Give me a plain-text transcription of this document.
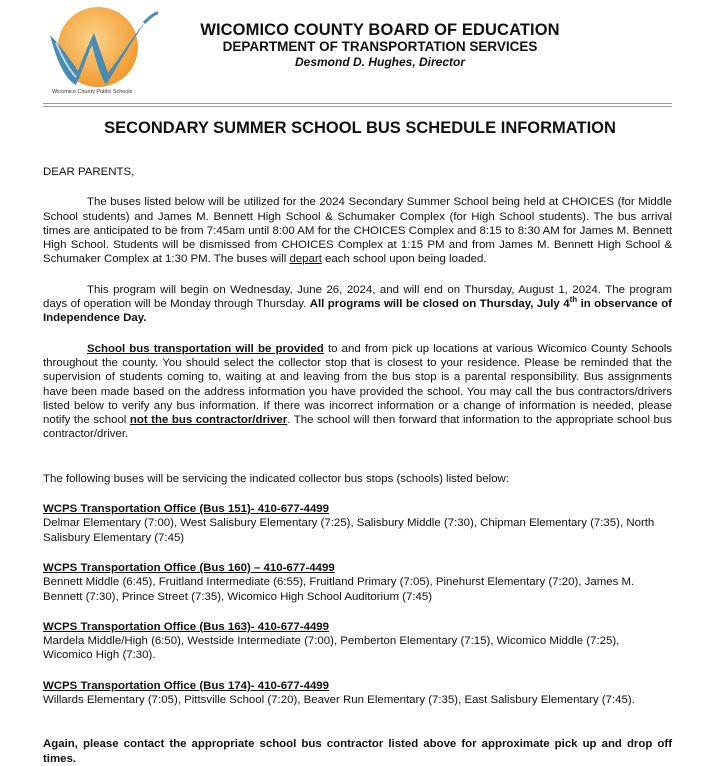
Wicomico County Public Schools
WICOMICO COUNTY BOARD OF EDUCATION
DEPARTMENT OF TRANSPORTATION SERVICES
Desmond D. Hughes, Director
SECONDARY SUMMER SCHOOL BUS SCHEDULE INFORMATION

DEAR PARENTS,

The buses listed below will be utilized for the 2024 Secondary Summer School being held at CHOICES (for Middle School students) and James M. Bennett High School & Schumaker Complex (for High School students). The bus arrival times are anticipated to be from 7:45am until 8:00 AM for the CHOICES Complex and 8:15 to 8:30 AM for James M. Bennett High School. Students will be dismissed from CHOICES Complex at 1:15 PM and from James M. Bennett High School & Schumaker Complex at 1:30 PM. The buses will depart each school upon being loaded.

This program will begin on Wednesday, June 26, 2024, and will end on Thursday, August 1, 2024. The program days of operation will be Monday through Thursday. All programs will be closed on Thursday, July 4th in observance of Independence Day.

School bus transportation will be provided to and from pick up locations at various Wicomico County Schools throughout the county. You should select the collector stop that is closest to your residence. Please be reminded that the supervision of students coming to, waiting at and leaving from the bus stop is a parental responsibility. Bus assignments have been made based on the address information you have provided the school. You may call the bus contractors/drivers listed below to verify any bus information. If there was incorrect information or a change of information is needed, please notify the school not the bus contractor/driver. The school will then forward that information to the appropriate school bus contractor/driver.

The following buses will be servicing the indicated collector bus stops (schools) listed below:

WCPS Transportation Office (Bus 151)- 410-677-4499

Delmar Elementary (7:00), West Salisbury Elementary (7:25), Salisbury Middle (7:30), Chipman Elementary (7:35), North Salisbury Elementary (7:45)

WCPS Transportation Office (Bus 160) – 410-677-4499

Bennett Middle (6:45), Fruitland Intermediate (6:55), Fruitland Primary (7:05), Pinehurst Elementary (7:20), James M. Bennett (7:30), Prince Street (7:35), Wicomico High School Auditorium (7:45)

WCPS Transportation Office (Bus 163)- 410-677-4499

Mardela Middle/High (6:50), Westside Intermediate (7:00), Pemberton Elementary (7:15), Wicomico Middle (7:25), Wicomico High (7:30).

WCPS Transportation Office (Bus 174)- 410-677-4499

Willards Elementary (7:05), Pittsville School (7:20), Beaver Run Elementary (7:35), East Salisbury Elementary (7:45).

Again, please contact the appropriate school bus contractor listed above for approximate pick up and drop off times.
